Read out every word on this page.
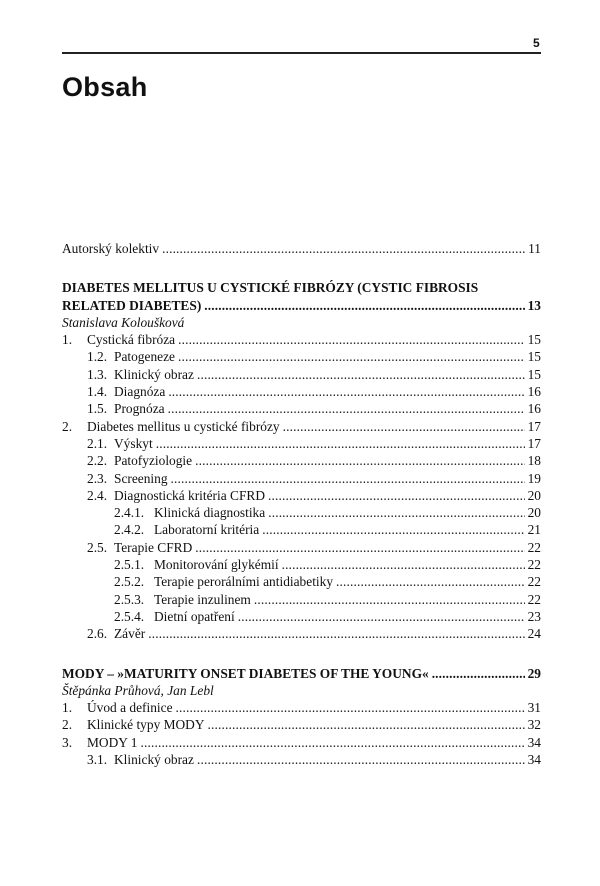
5
Obsah
Autorský kolektiv . . .	11
DIABETES MELLITUS U CYSTICKÉ FIBRÓZY (CYSTIC FIBROSIS
RELATED DIABETES) . . .	13
Stanislava Koloušková
1.	Cystická fibróza . . .	15
1.2. Patogeneze . . .	15
1.3. Klinický obraz . . .	15
1.4. Diagnóza . . .	16
1.5. Prognóza . . .	16
2.	Diabetes mellitus u cystické fibrózy . . .	17
2.1. Výskyt . . .	17
2.2. Patofyziologie . . .	18
2.3. Screening . . .	19
2.4. Diagnostická kritéria CFRD . . .	20
2.4.1. Klinická diagnostika . . .	20
2.4.2. Laboratorní kritéria . . .	21
2.5. Terapie CFRD . . .	22
2.5.1. Monitorování glykémií . . .	22
2.5.2. Terapie perorálními antidiabetiky . . .	22
2.5.3. Terapie inzulinem . . .	22
2.5.4. Dietní opatření . . .	23
2.6. Závěr . . .	24
MODY – »MATURITY ONSET DIABETES OF THE YOUNG« . . .	29
Štěpánka Průhová, Jan Lebl
1.	Úvod a definice . . .	31
2.	Klinické typy MODY . . .	32
3.	MODY 1 . . .	34
3.1. Klinický obraz . . .	34
